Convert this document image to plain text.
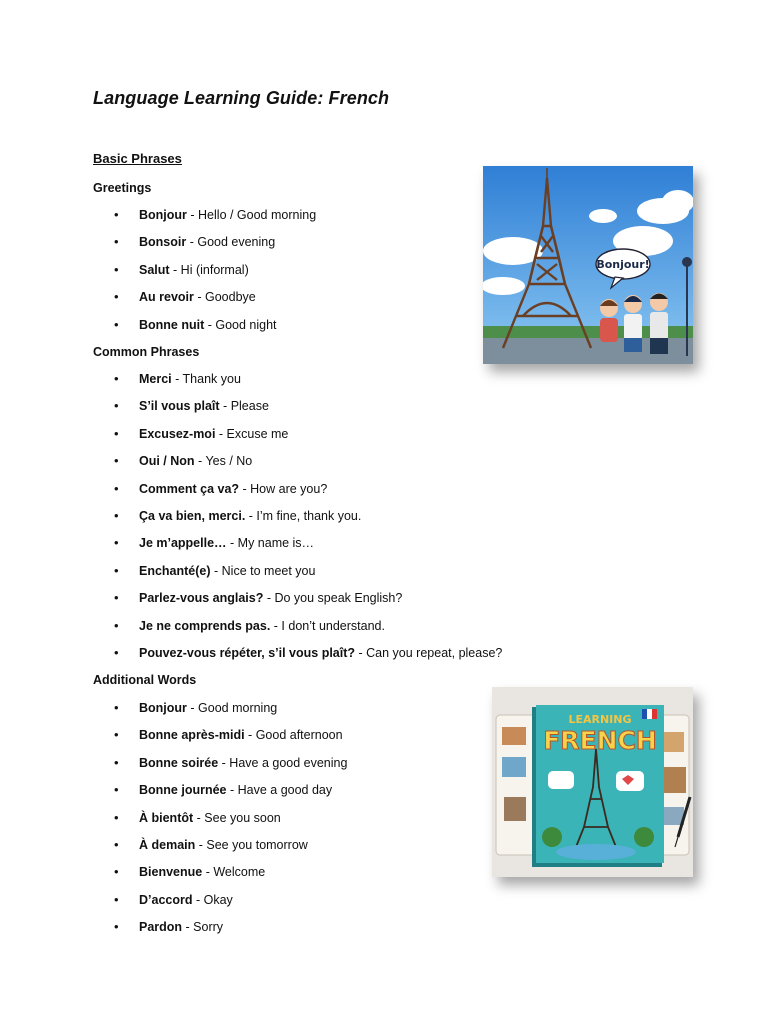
Language Learning Guide: French
Basic Phrases
Greetings
• Bonjour - Hello / Good morning
• Bonsoir - Good evening
• Salut - Hi (informal)
• Au revoir - Goodbye
• Bonne nuit - Good night
Common Phrases
• Merci - Thank you
• S’il vous plaît - Please
• Excusez-moi - Excuse me
• Oui / Non - Yes / No
• Comment ça va? - How are you?
• Ça va bien, merci. - I’m fine, thank you.
• Je m’appelle… - My name is…
• Enchanté(e) - Nice to meet you
• Parlez-vous anglais? - Do you speak English?
• Je ne comprends pas. - I don’t understand.
• Pouvez-vous répéter, s’il vous plaît? - Can you repeat, please?
Additional Words
• Bonjour - Good morning
• Bonne après-midi - Good afternoon
• Bonne soirée - Have a good evening
• Bonne journée - Have a good day
• À bientôt - See you soon
• À demain - See you tomorrow
• Bienvenue - Welcome
• D’accord - Okay
• Pardon - Sorry
Bonjour!
LEARNING
FRENCH
